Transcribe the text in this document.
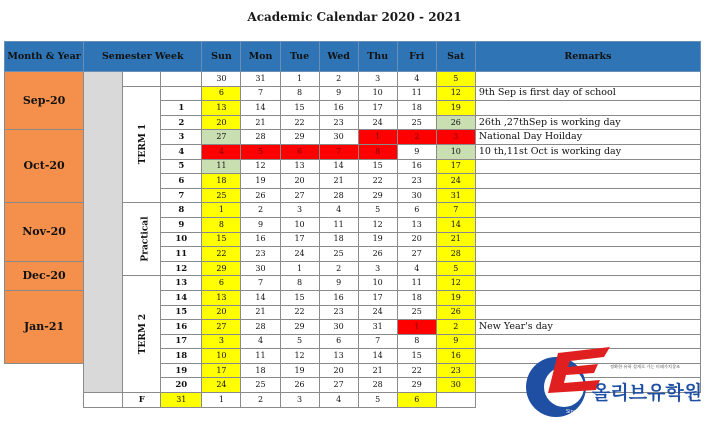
Academic Calendar 2020 - 2021
Month & Year	Semester Week			Sun	Mon	Tue	Wed	Thu	Fri	Sat	Remarks
Sep-20				30	31	1	2	3	4	5	
		TERM 1		6	7	8	9	10	11	12	9th Sep is first day of school
			1	13	14	15	16	17	18	19	
			2	20	21	22	23	24	25	26	26th ,27thSep is working day
Oct-20			3	27	28	29	30	1	2	3	National Day Hoilday
			4	4	5	6	7	8	9	10	10 th,11st Oct is working day
			5	11	12	13	14	15	16	17	
			6	18	19	20	21	22	23	24	
			7	25	26	27	28	29	30	31	
Nov-20		Practical	8	1	2	3	4	5	6	7	
			9	8	9	10	11	12	13	14	
			10	15	16	17	18	19	20	21	
			11	22	23	24	25	26	27	28	
Dec-20			12	29	30	1	2	3	4	5	
		TERM 2	13	6	7	8	9	10	11	12	
Jan-21			14	13	14	15	16	17	18	19	
			15	20	21	22	23	24	25	26	
			16	27	28	29	30	31	1	2	New Year's day
			17	3	4	5	6	7	8	9	
			18	10	11	12	13	14	15	16	
			19	17	18	19	20	21	22	23	
			20	24	25	26	27	28	29	30	
		F	31	1	2	3	4	5	6		
Since 2001
정확한 유학 설계로 가는 미래가치창조
올리브유학원
